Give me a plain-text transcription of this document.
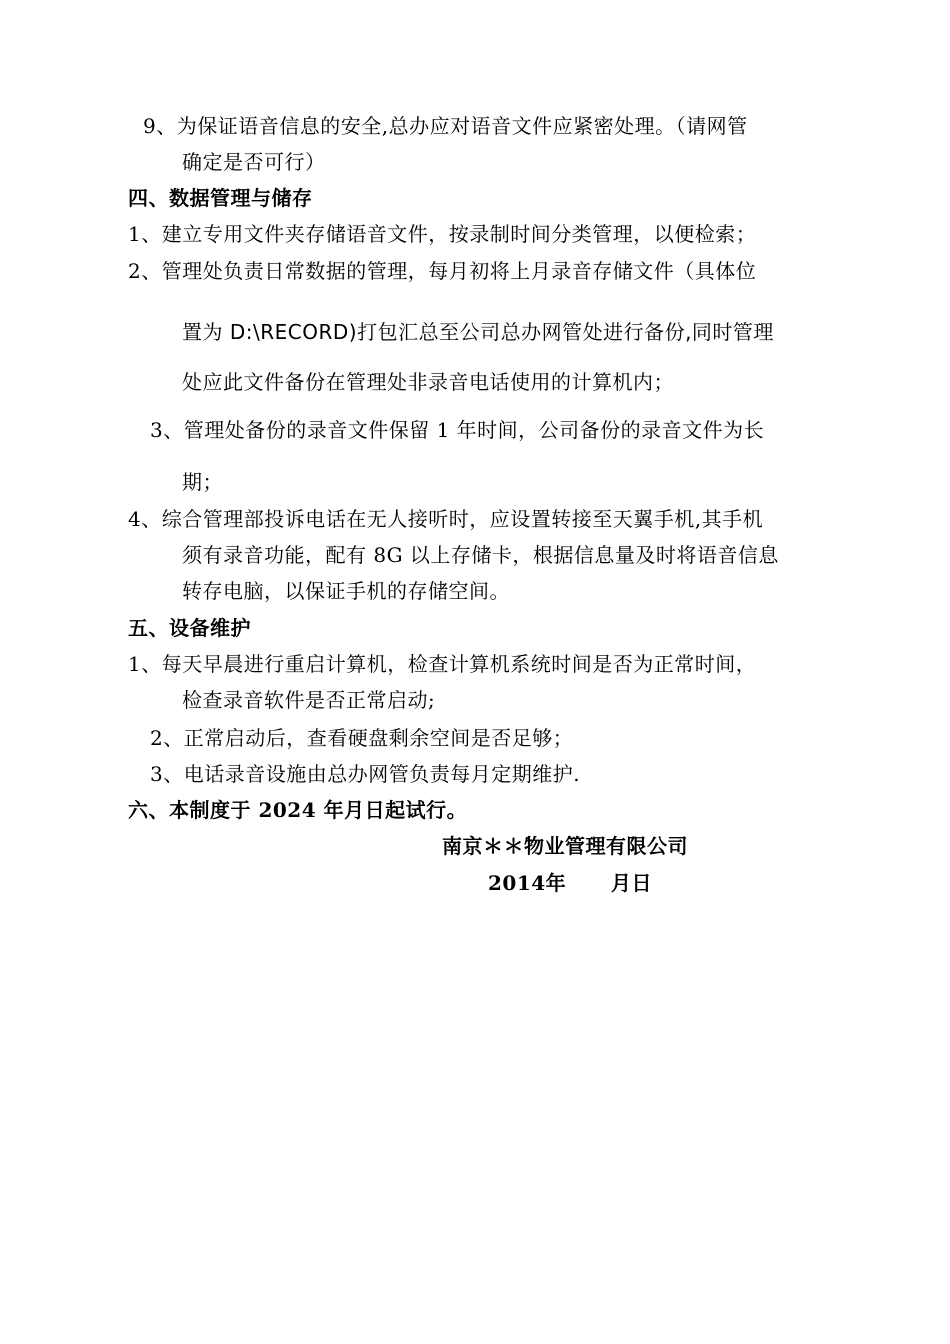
9、为保证语音信息的安全,总办应对语音文件应紧密处理。（请网管
确定是否可行）
四、数据管理与储存
1、建立专用文件夹存储语音文件，按录制时间分类管理，以便检索；
2、管理处负责日常数据的管理，每月初将上月录音存储文件（具体位
置为 D:\RECORD)打包汇总至公司总办网管处进行备份,同时管理
处应此文件备份在管理处非录音电话使用的计算机内；
3、管理处备份的录音文件保留 1 年时间，公司备份的录音文件为长
期；
4、综合管理部投诉电话在无人接听时，应设置转接至天翼手机,其手机
须有录音功能，配有 8G 以上存储卡，根据信息量及时将语音信息
转存电脑，以保证手机的存储空间。
五、设备维护
1、每天早晨进行重启计算机，检查计算机系统时间是否为正常时间，
检查录音软件是否正常启动;
2、正常启动后，查看硬盘剩余空间是否足够；
3、电话录音设施由总办网管负责每月定期维护.
六、本制度于 2024 年月日起试行。
南京＊＊物业管理有限公司
2014年      月日
